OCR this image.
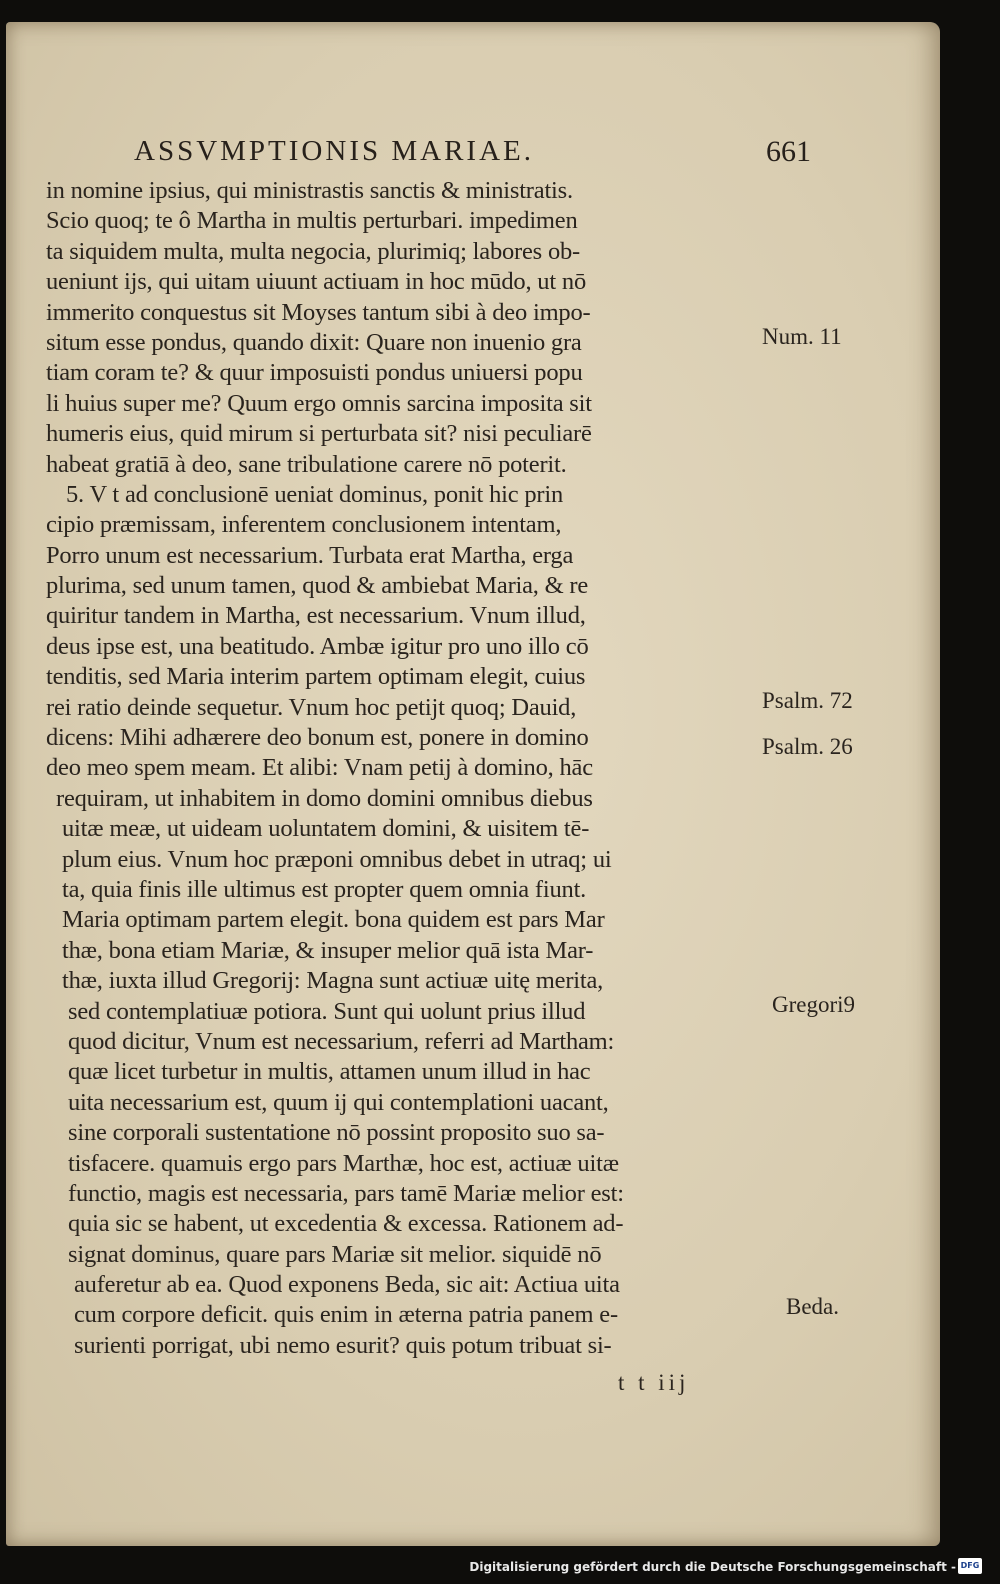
ASSVMPTIONIS MARIAE.	661
in nomine ipsius, qui ministrastis sanctis & ministratis.
Scio quoq; te ô Martha in multis perturbari. impedimen
ta siquidem multa, multa negocia, plurimiq; labores ob-
ueniunt ijs, qui uitam uiuunt actiuam in hoc mūdo, ut nō
immerito conquestus sit Moyses tantum sibi à deo impo-
situm esse pondus, quando dixit: Quare non inuenio gra
tiam coram te? & quur imposuisti pondus uniuersi popu
li huius super me? Quum ergo omnis sarcina imposita sit
humeris eius, quid mirum si perturbata sit? nisi peculiarē
habeat gratiā à deo, sane tribulatione carere nō poterit.
5. V t ad conclusionē ueniat dominus, ponit hic prin
cipio præmissam, inferentem conclusionem intentam,
Porro unum est necessarium. Turbata erat Martha, erga
plurima, sed unum tamen, quod & ambiebat Maria, & re
quiritur tandem in Martha, est necessarium. Vnum illud,
deus ipse est, una beatitudo. Ambæ igitur pro uno illo cō
tenditis, sed Maria interim partem optimam elegit, cuius
rei ratio deinde sequetur. Vnum hoc petijt quoq; Dauid,
dicens: Mihi adhærere deo bonum est, ponere in domino
deo meo spem meam. Et alibi: Vnam petij à domino, hāc
requiram, ut inhabitem in domo domini omnibus diebus
uitæ meæ, ut uideam uoluntatem domini, & uisitem tē-
plum eius. Vnum hoc præponi omnibus debet in utraq; ui
ta, quia finis ille ultimus est propter quem omnia fiunt.
Maria optimam partem elegit. bona quidem est pars Mar
thæ, bona etiam Mariæ, & insuper melior quā ista Mar-
thæ, iuxta illud Gregorij: Magna sunt actiuæ uitę merita,
sed contemplatiuæ potiora. Sunt qui uolunt prius illud
quod dicitur, Vnum est necessarium, referri ad Martham:
quæ licet turbetur in multis, attamen unum illud in hac
uita necessarium est, quum ij qui contemplationi uacant,
sine corporali sustentatione nō possint proposito suo sa-
tisfacere. quamuis ergo pars Marthæ, hoc est, actiuæ uitæ
functio, magis est necessaria, pars tamē Mariæ melior est:
quia sic se habent, ut excedentia & excessa. Rationem ad-
signat dominus, quare pars Mariæ sit melior. siquidē nō
auferetur ab ea. Quod exponens Beda, sic ait: Actiua uita
cum corpore deficit. quis enim in æterna patria panem e-
surienti porrigat, ubi nemo esurit? quis potum tribuat si-
Num. 11
Psalm. 72
Psalm. 26
Gregori9
Beda.
t t iij
Digitalisierung gefördert durch die Deutsche Forschungsgemeinschaft - DFG
